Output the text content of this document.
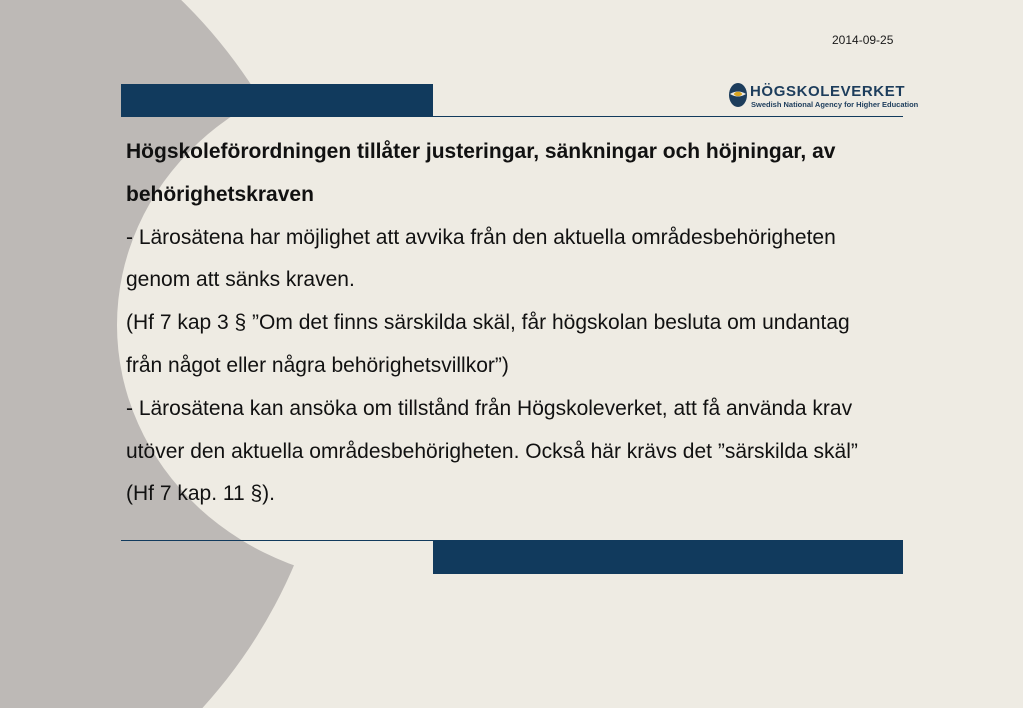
2014-09-25
HÖGSKOLEVERKET
Swedish National Agency for Higher Education

Högskoleförordningen tillåter justeringar, sänkningar och höjningar, av behörighetskraven

- Lärosätena har möjlighet att avvika från den aktuella områdesbehörigheten genom att sänks kraven.

(Hf 7 kap 3 § ”Om det finns särskilda skäl, får högskolan besluta om undantag från något eller några behörighetsvillkor”)

- Lärosätena kan ansöka om tillstånd från Högskoleverket, att få använda krav utöver den aktuella områdesbehörigheten. Också här krävs det ”särskilda skäl” (Hf 7 kap. 11 §).
